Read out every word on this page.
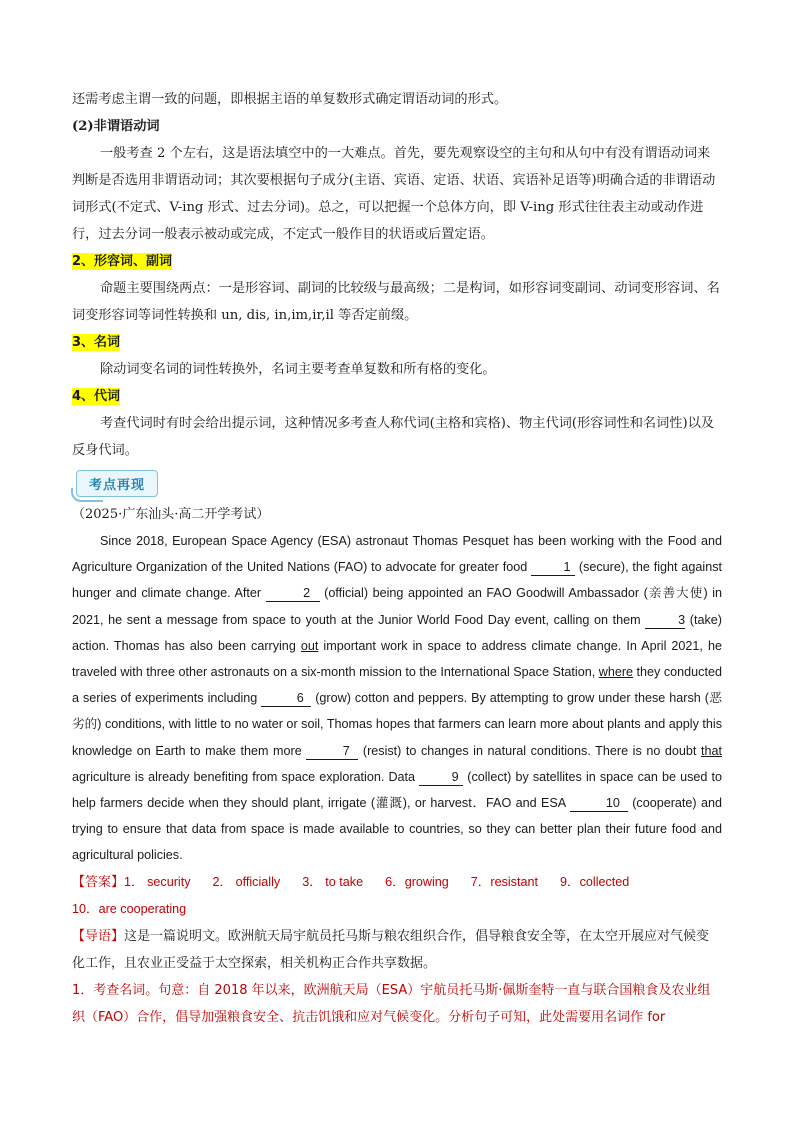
还需考虑主谓一致的问题，即根据主语的单复数形式确定谓语动词的形式。

(2)非谓语动词

一般考查 2 个左右，这是语法填空中的一大难点。首先，要先观察设空的主句和从句中有没有谓语动词来判断是否选用非谓语动词；其次要根据句子成分(主语、宾语、定语、状语、宾语补足语等)明确合适的非谓语动词形式(不定式、V-ing 形式、过去分词)。总之，可以把握一个总体方向，即 V-ing 形式往往表主动或动作进行，过去分词一般表示被动或完成，不定式一般作目的状语或后置定语。

2、形容词、副词

命题主要围绕两点：一是形容词、副词的比较级与最高级；二是构词，如形容词变副词、动词变形容词、名词变形容词等词性转换和 un, dis, in,im,ir,il 等否定前缀。

3、名词

除动词变名词的词性转换外，名词主要考查单复数和所有格的变化。

4、代词

考查代词时有时会给出提示词，这种情况多考查人称代词(主格和宾格)、物主代词(形容词性和名词性)以及反身代词。

考点再现

（2025·广东汕头·高二开学考试）

Since 2018, European Space Agency (ESA) astronaut Thomas Pesquet has been working with the Food and Agriculture Organization of the United Nations (FAO) to advocate for greater food	1 (secure), the fight against hunger and climate change. After	2 (official) being appointed an FAO Goodwill Ambassador (亲善大使) in 2021, he sent a message from space to youth at the Junior World Food Day event, calling on them	3 (take) action. Thomas has also been carrying out important work in space to address climate change. In April 2021, he traveled with three other astronauts on a six-month mission to the International Space Station, where they conducted a series of experiments including	6 (grow) cotton and peppers. By attempting to grow under these harsh (恶劣的) conditions, with little to no water or soil, Thomas hopes that farmers can learn more about plants and apply this knowledge on Earth to make them more	7 (resist) to changes in natural conditions. There is no doubt that agriculture is already benefiting from space exploration. Data	9 (collect) by satellites in space can be used to help farmers decide when they should plant, irrigate (灌溉), or harvest．FAO and ESA	10 (cooperate) and trying to ensure that data from space is made available to countries, so they can better plan their future food and agricultural policies.

【答案】1． security 2． officially 3． to take 6．growing 7．resistant 9．collected
10．are cooperating

【导语】这是一篇说明文。欧洲航天局宇航员托马斯与粮农组织合作，倡导粮食安全等，在太空开展应对气候变化工作，且农业正受益于太空探索，相关机构正合作共享数据。

1．考查名词。句意：自 2018 年以来，欧洲航天局（ESA）宇航员托马斯·佩斯奎特一直与联合国粮食及农业组织（FAO）合作，倡导加强粮食安全、抗击饥饿和应对气候变化。分析句子可知，此处需要用名词作 for
